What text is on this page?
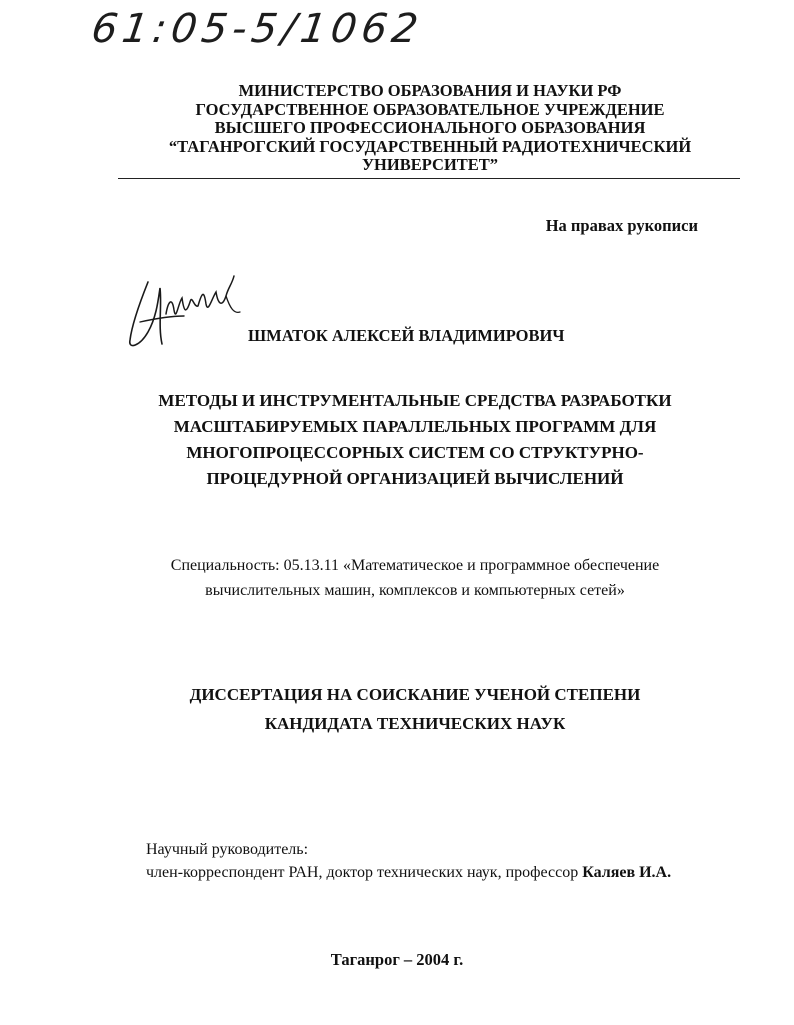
61:05-5/1062
МИНИСТЕРСТВО ОБРАЗОВАНИЯ И НАУКИ РФ
ГОСУДАРСТВЕННОЕ ОБРАЗОВАТЕЛЬНОЕ УЧРЕЖДЕНИЕ
ВЫСШЕГО ПРОФЕССИОНАЛЬНОГО ОБРАЗОВАНИЯ
“ТАГАНРОГСКИЙ ГОСУДАРСТВЕННЫЙ РАДИОТЕХНИЧЕСКИЙ
УНИВЕРСИТЕТ”
На правах рукописи
ШМАТОК АЛЕКСЕЙ ВЛАДИМИРОВИЧ
МЕТОДЫ И ИНСТРУМЕНТАЛЬНЫЕ СРЕДСТВА РАЗРАБОТКИ
МАСШТАБИРУЕМЫХ ПАРАЛЛЕЛЬНЫХ ПРОГРАММ ДЛЯ
МНОГОПРОЦЕССОРНЫХ СИСТЕМ СО СТРУКТУРНО-
ПРОЦЕДУРНОЙ ОРГАНИЗАЦИЕЙ ВЫЧИСЛЕНИЙ
Специальность: 05.13.11 «Математическое и программное обеспечение
вычислительных машин, комплексов и компьютерных сетей»
ДИССЕРТАЦИЯ НА СОИСКАНИЕ УЧЕНОЙ СТЕПЕНИ
КАНДИДАТА ТЕХНИЧЕСКИХ НАУК
Научный руководитель:
член-корреспондент РАН, доктор технических наук, профессор Каляев И.А.
Таганрог – 2004 г.
